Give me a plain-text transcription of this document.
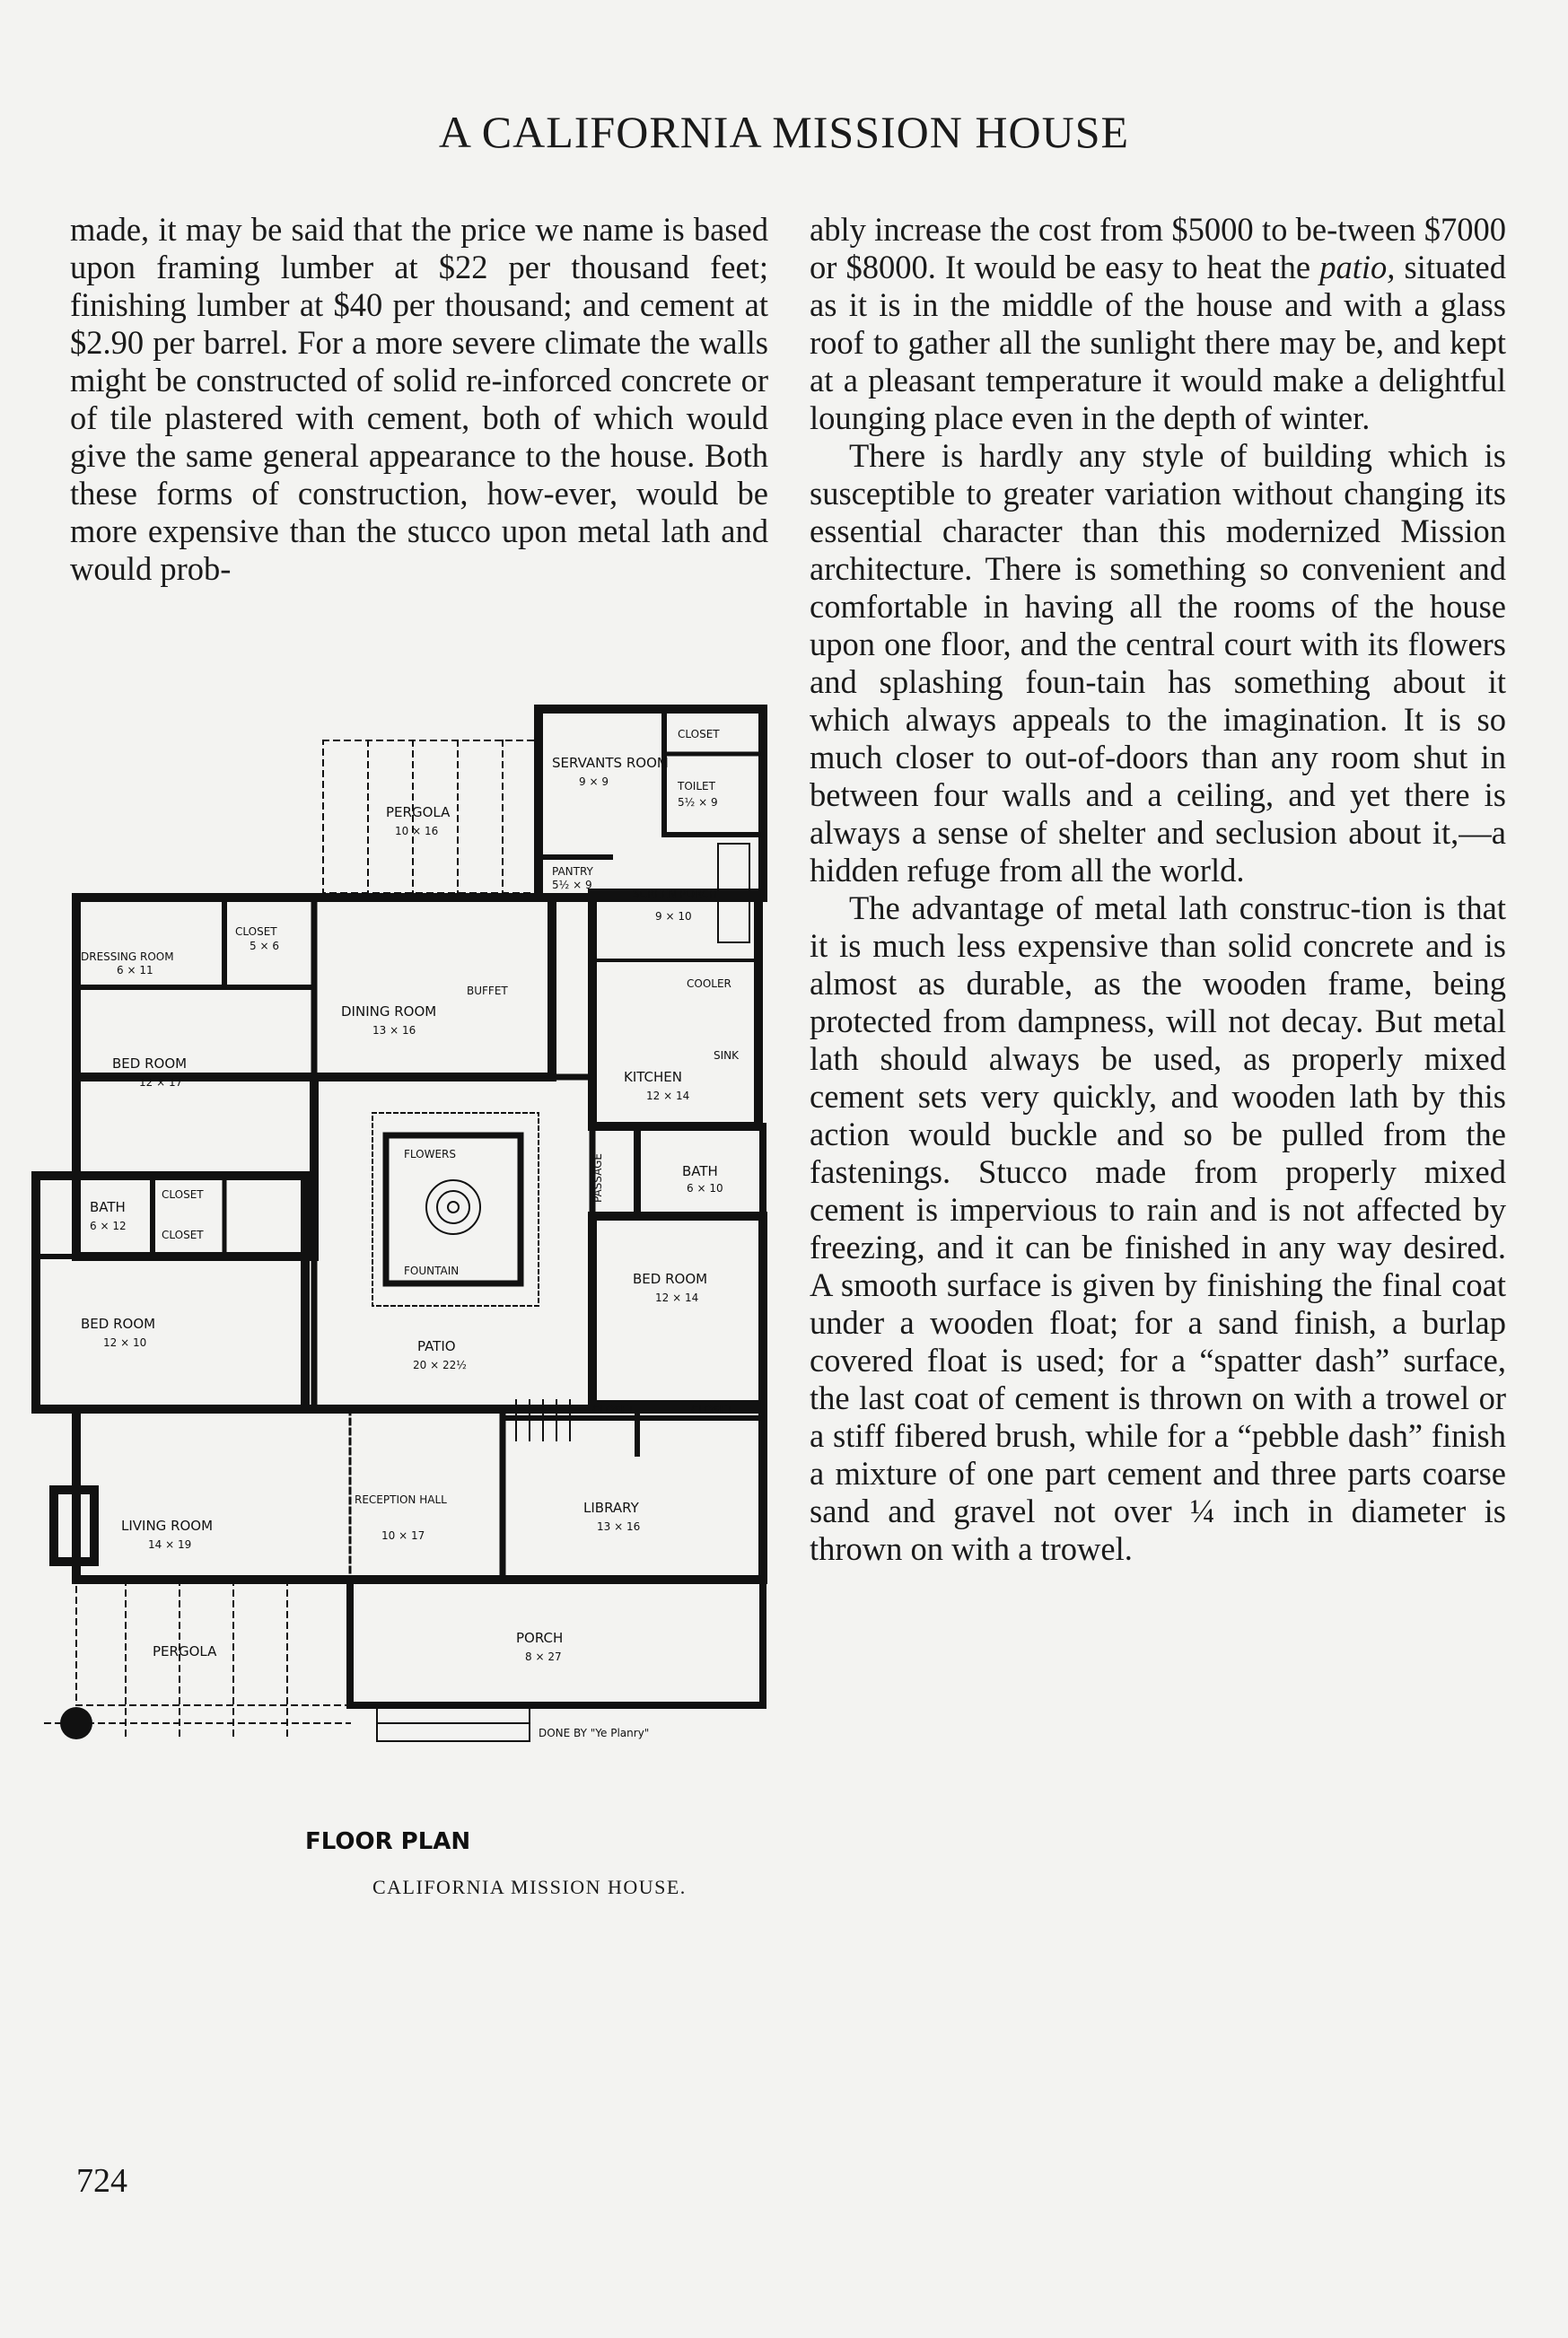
A CALIFORNIA MISSION HOUSE

made, it may be said that the price we name is based upon framing lumber at $22 per thousand feet; finishing lumber at $40 per thousand; and cement at $2.90 per barrel. For a more severe climate the walls might be constructed of solid re-inforced concrete or of tile plastered with cement, both of which would give the same general appearance to the house. Both these forms of construction, how-ever, would be more expensive than the stucco upon metal lath and would prob-

ably increase the cost from $5000 to be-tween $7000 or $8000. It would be easy to heat the patio, situated as it is in the middle of the house and with a glass roof to gather all the sunlight there may be, and kept at a pleasant temperature it would make a delightful lounging place even in the depth of winter.

There is hardly any style of building which is susceptible to greater variation without changing its essential character than this modernized Mission architecture. There is something so convenient and comfortable in having all the rooms of the house upon one floor, and the central court with its flowers and splashing foun-tain has something about it which always appeals to the imagination. It is so much closer to out-of-doors than any room shut in between four walls and a ceiling, and yet there is always a sense of shelter and seclusion about it,—a hidden refuge from all the world.

The advantage of metal lath construc-tion is that it is much less expensive than solid concrete and is almost as durable, as the wooden frame, being protected from dampness, will not decay. But metal lath should always be used, as properly mixed cement sets very quickly, and wooden lath by this action would buckle and so be pulled from the fastenings. Stucco made from properly mixed cement is impervious to rain and is not affected by freezing, and it can be finished in any way desired. A smooth surface is given by finishing the final coat under a wooden float; for a sand finish, a burlap covered float is used; for a “spatter dash” surface, the last coat of cement is thrown on with a trowel or a stiff fibered brush, while for a “pebble dash” finish a mixture of one part cement and three parts coarse sand and gravel not over ¼ inch in diameter is thrown on with a trowel.

CLOSET
SERVANTS ROOM
9 × 9	TOILET
5½ × 9
PERGOLA
10 × 16
PANTRY
5½ × 9
SCREEN PORCH
9 × 10
DRESSING ROOM
6 × 11
CLOSET
5 × 6
DINING ROOM
13 × 16
BUFFET
COOLER
SINK
KITCHEN
12 × 14
BED ROOM
12 × 17
FLOWERS
FOUNTAIN
PASSAGE	BATH
6 × 10
BATH
6 × 12
CLOSET
CLOSET
BED ROOM
12 × 14
BED ROOM
12 × 10	PATIO
20 × 22½
CLOSET	CLOSET
LIVING ROOM
14 × 19
RECEPTION HALL
10 × 17
LIBRARY
13 × 16
PERGOLA
PORCH
8 × 27
DONE BY "Ye Planry"
FLOOR PLAN
CALIFORNIA MISSION HOUSE.
724
